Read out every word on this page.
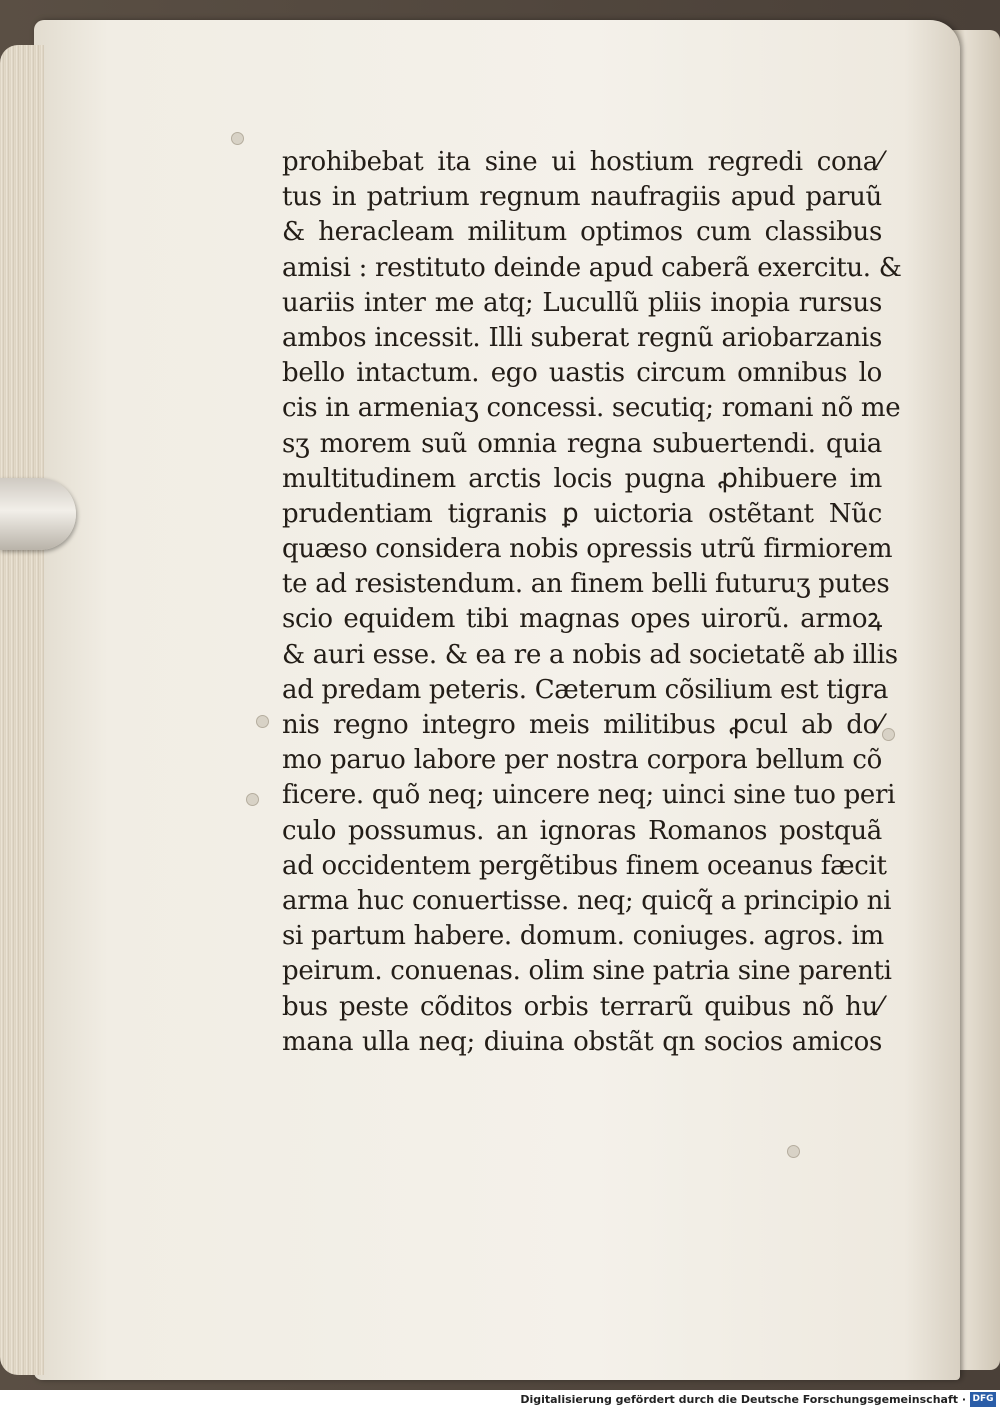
prohibebat ita sine ui hostium regredi cona⁄
tus in patrium regnum naufragiis apud paruũ
& heracleam militum optimos cum classibus
amisi : restituto deinde apud caberã exercitu. &
uariis inter me atq; Lucullũ pliis inopia rursus
ambos incessit. Illi suberat regnũ ariobarzanis
bello intactum. ego uastis circum omnibus lo
cis in armeniaʒ concessi. secutiq; romani nõ me
sʒ morem suũ omnia regna subuertendi. quia
multitudinem arctis locis pugna ꝓhibuere im
prudentiam tigranis ꝑ uictoria ostẽtant Nũc
quæso considera nobis opressis utrũ firmiorem
te ad resistendum. an finem belli futuruʒ putes
scio equidem tibi magnas opes uirorũ. armoꝝ
& auri esse. & ea re a nobis ad societatẽ ab illis
ad predam peteris. Cæterum cõsilium est tigra
nis regno integro meis militibus ꝓcul ab do⁄
mo paruo labore per nostra corpora bellum cõ
ficere. quõ neq; uincere neq; uinci sine tuo peri
culo possumus. an ignoras Romanos postquã
ad occidentem pergẽtibus finem oceanus fæcit
arma huc conuertisse. neq; quicq̃ a principio ni
si partum habere. domum. coniuges. agros. im
peirum. conuenas. olim sine patria sine parenti
bus peste cõditos orbis terrarũ quibus nõ hu⁄
mana ulla neq; diuina obstãt qn socios amicos
Digitalisierung gefördert durch die Deutsche Forschungsgemeinschaft · DFG
